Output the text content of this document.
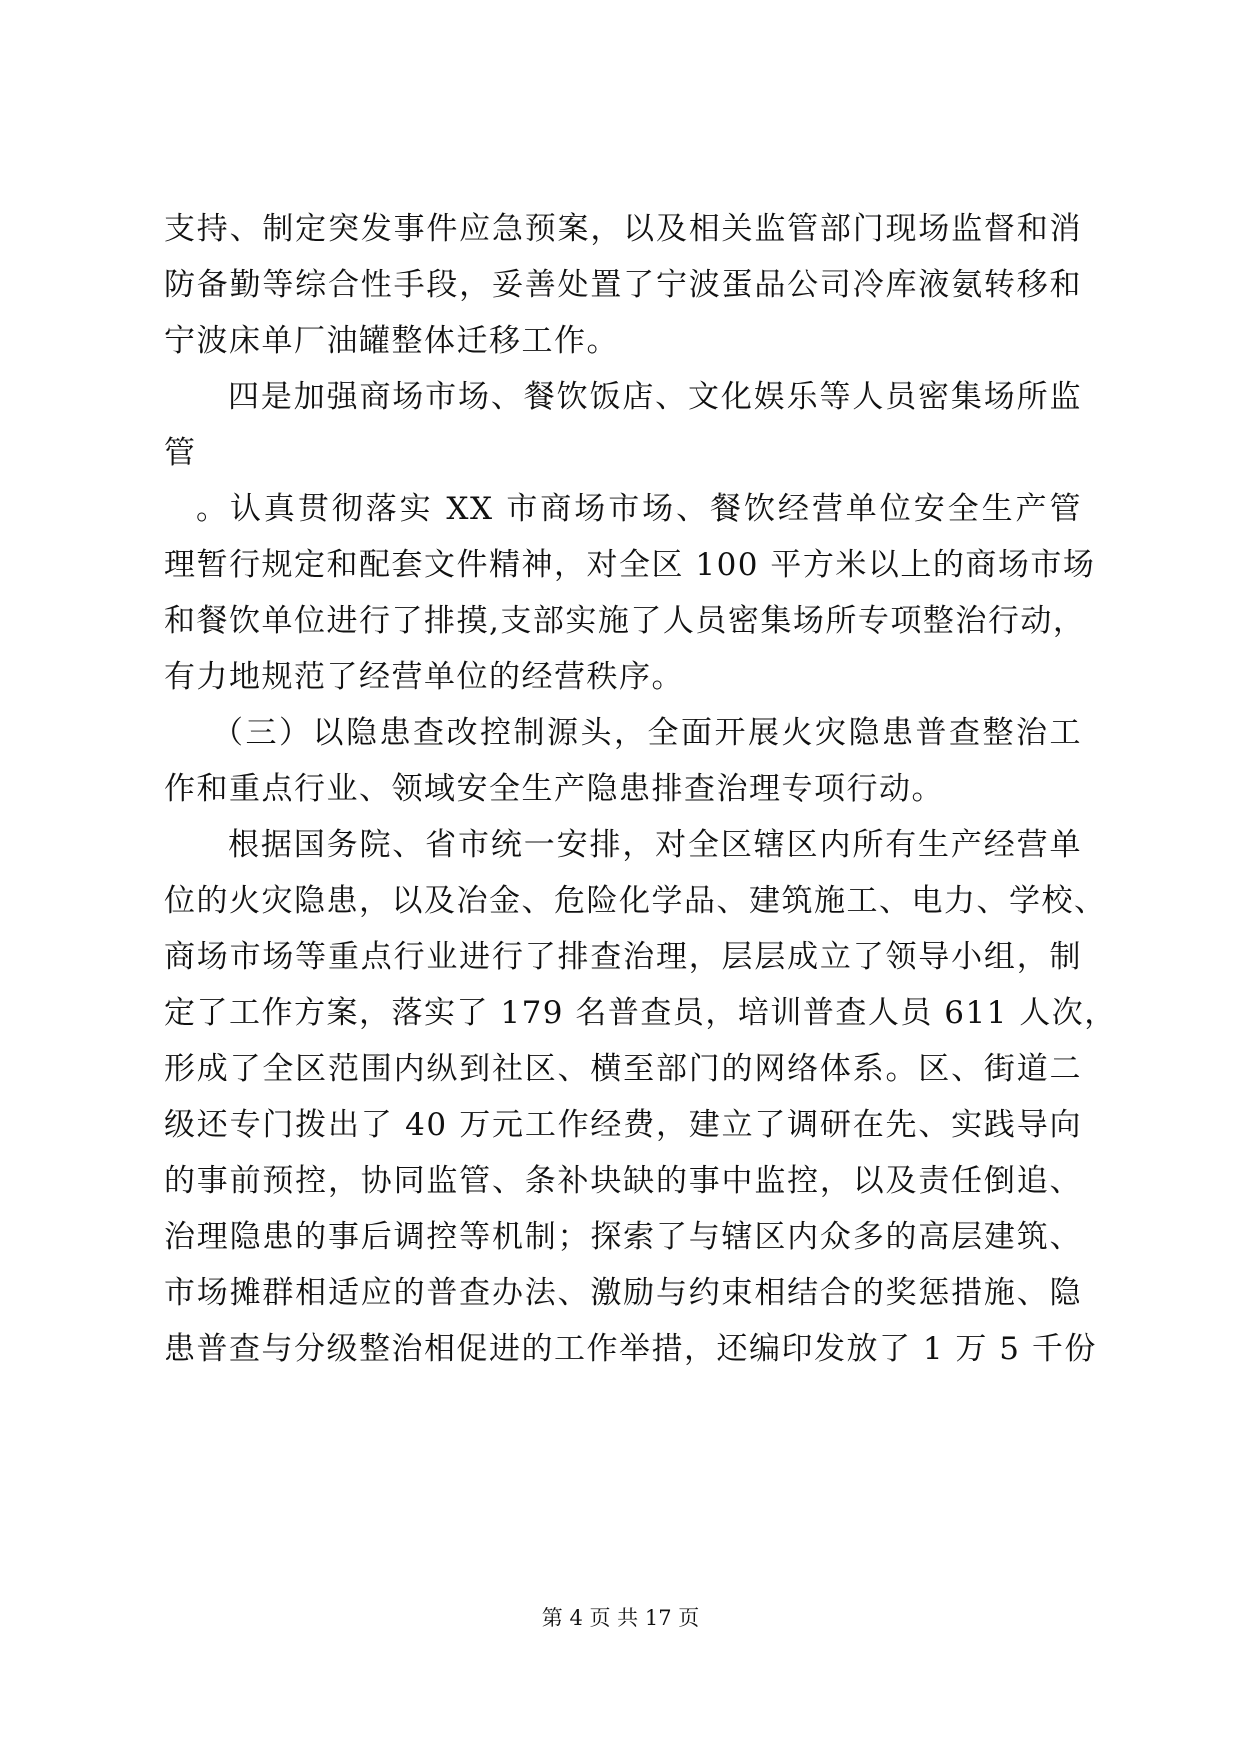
支持、制定突发事件应急预案，以及相关监管部门现场监督和消
防备勤等综合性手段，妥善处置了宁波蛋品公司冷库液氨转移和
宁波床单厂油罐整体迁移工作。
四是加强商场市场、餐饮饭店、文化娱乐等人员密集场所监
管
。认真贯彻落实 XX 市商场市场、餐饮经营单位安全生产管
理暂行规定和配套文件精神，对全区 100 平方米以上的商场市场
和餐饮单位进行了排摸,支部实施了人员密集场所专项整治行动，
有力地规范了经营单位的经营秩序。
（三）以隐患查改控制源头，全面开展火灾隐患普查整治工
作和重点行业、领域安全生产隐患排查治理专项行动。
根据国务院、省市统一安排，对全区辖区内所有生产经营单
位的火灾隐患，以及冶金、危险化学品、建筑施工、电力、学校、
商场市场等重点行业进行了排查治理，层层成立了领导小组，制
定了工作方案，落实了 179 名普查员，培训普查人员 611 人次，
形成了全区范围内纵到社区、横至部门的网络体系。区、街道二
级还专门拨出了 40 万元工作经费，建立了调研在先、实践导向
的事前预控，协同监管、条补块缺的事中监控，以及责任倒追、
治理隐患的事后调控等机制；探索了与辖区内众多的高层建筑、
市场摊群相适应的普查办法、激励与约束相结合的奖惩措施、隐
患普查与分级整治相促进的工作举措，还编印发放了 1 万 5 千份
第 4 页 共 17 页
